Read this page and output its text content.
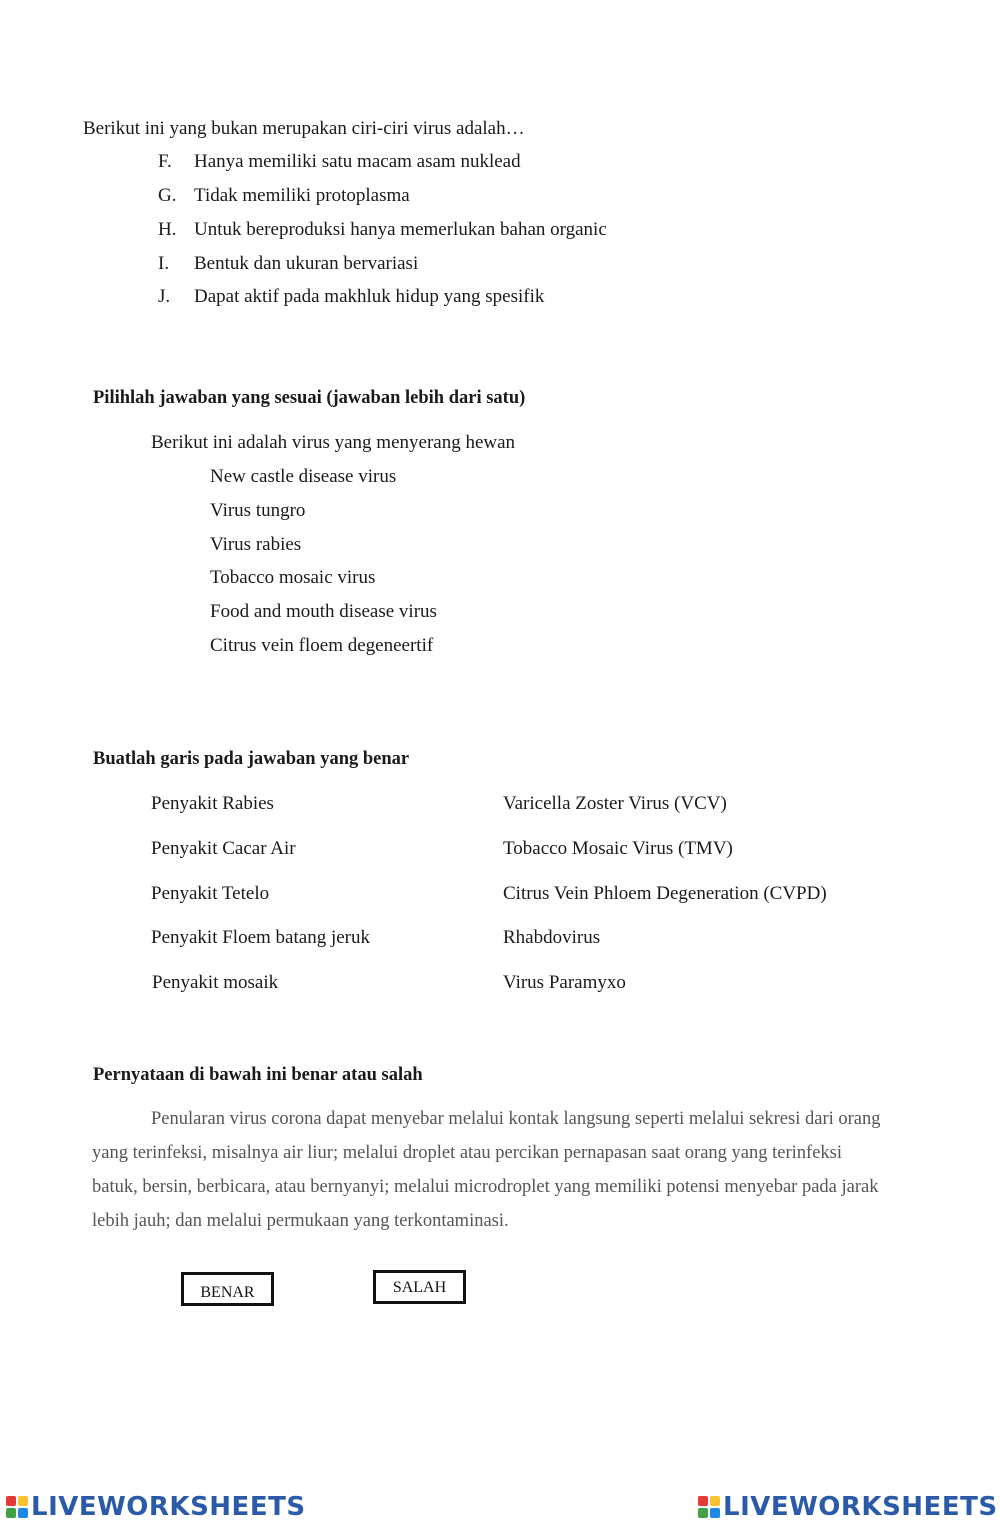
Berikut ini yang bukan merupakan ciri-ciri virus adalah…
F. Hanya memiliki satu macam asam nuklead
G. Tidak memiliki protoplasma
H. Untuk bereproduksi hanya memerlukan bahan organic
I. Bentuk dan ukuran bervariasi
J. Dapat aktif pada makhluk hidup yang spesifik
Pilihlah jawaban yang sesuai (jawaban lebih dari satu)
Berikut ini adalah virus yang menyerang hewan
New castle disease virus
Virus tungro
Virus rabies
Tobacco mosaic virus
Food and mouth disease virus
Citrus vein floem degeneertif
Buatlah garis pada jawaban yang benar
Penyakit Rabies
Penyakit Cacar Air
Penyakit Tetelo
Penyakit Floem batang jeruk
Penyakit mosaik
Varicella Zoster Virus (VCV)
Tobacco Mosaic Virus (TMV)
Citrus Vein Phloem Degeneration (CVPD)
Rhabdovirus
Virus Paramyxo
Pernyataan di bawah ini benar atau salah
Penularan virus corona dapat menyebar melalui kontak langsung seperti melalui sekresi dari orang yang terinfeksi, misalnya air liur; melalui droplet atau percikan pernapasan saat orang yang terinfeksi batuk, bersin, berbicara, atau bernyanyi; melalui microdroplet yang memiliki potensi menyebar pada jarak lebih jauh; dan melalui permukaan yang terkontaminasi.
BENAR	SALAH
LIVEWORKSHEETS	LIVEWORKSHEETS
